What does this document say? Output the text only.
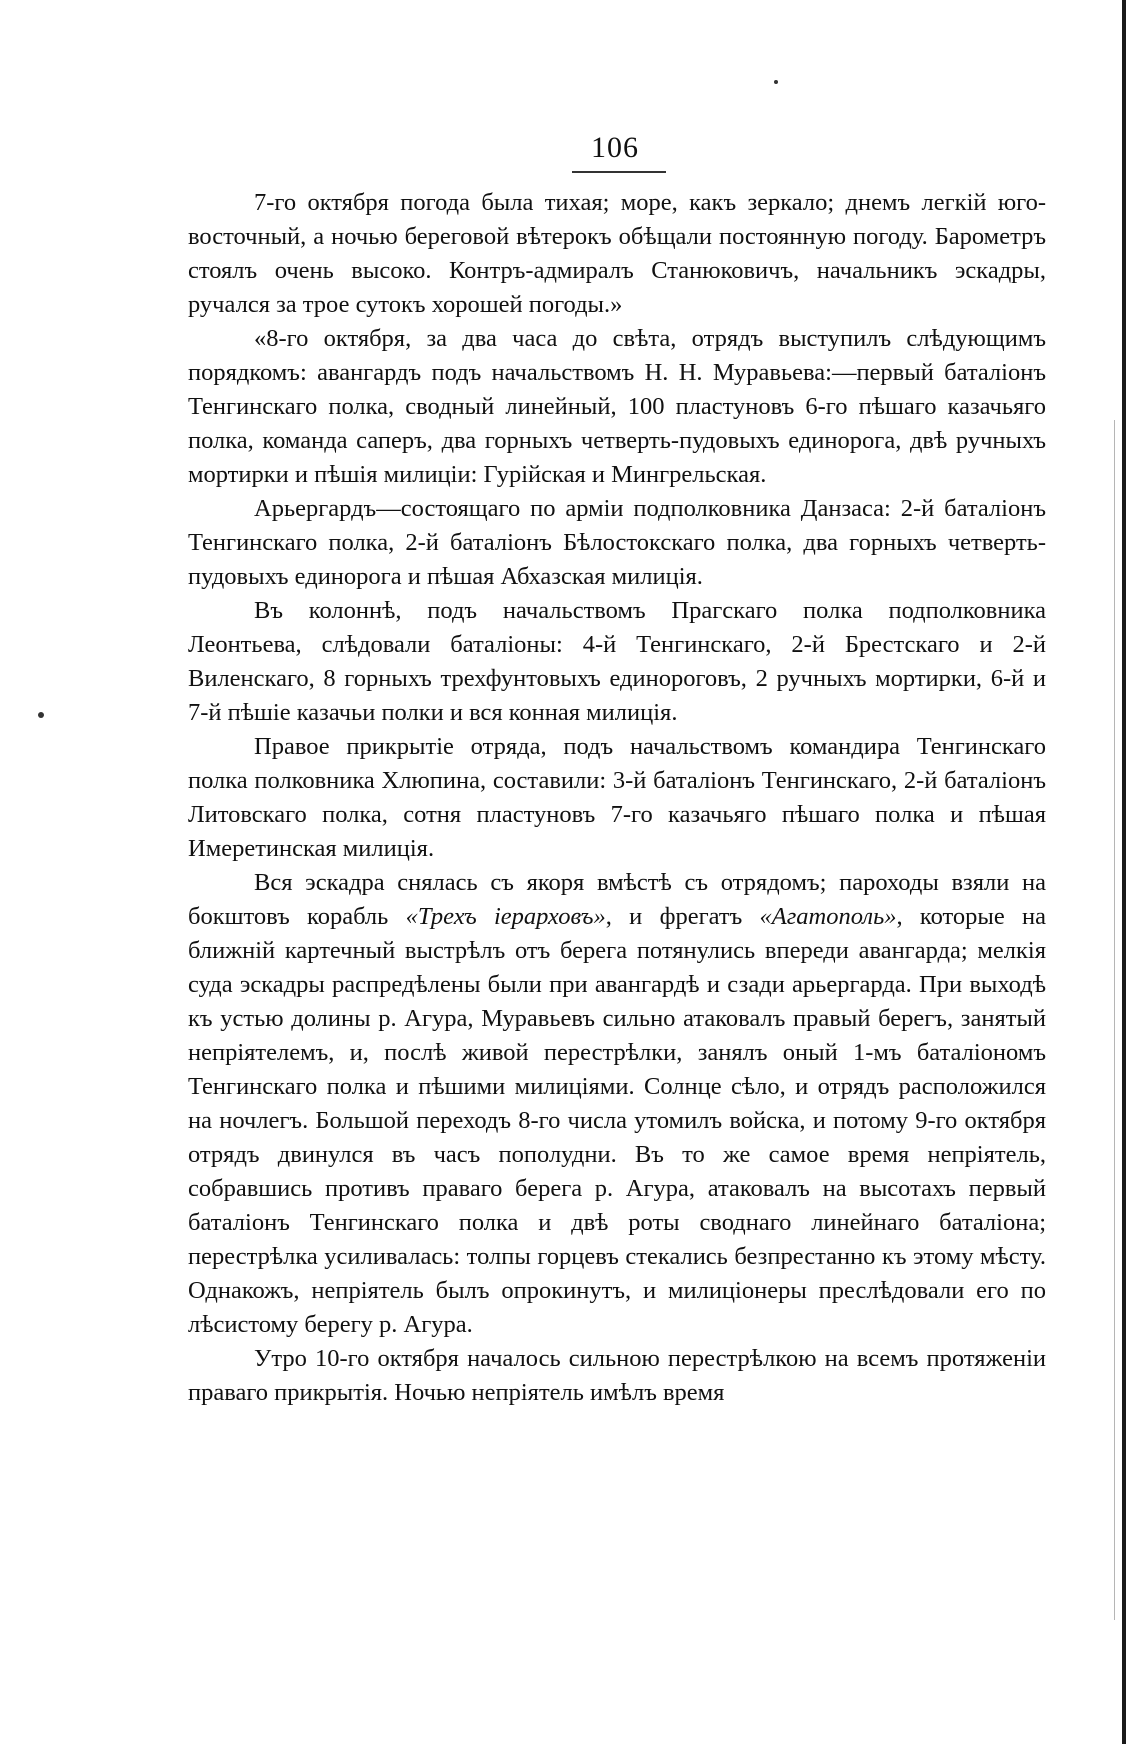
106

7-го октября погода была тихая; море, какъ зеркало; днемъ легкій юго-восточный, а ночью береговой вѣтерокъ обѣщали постоянную погоду. Барометръ стоялъ очень высоко. Контръ-адмиралъ Станюковичъ, начальникъ эскадры, ручался за трое сутокъ хорошей погоды.»

«8-го октября, за два часа до свѣта, отрядъ выступилъ слѣдующимъ порядкомъ: авангардъ подъ начальствомъ Н. Н. Муравьева:—первый баталіонъ Тенгинскаго полка, сводный линейный, 100 пластуновъ 6-го пѣшаго казачьяго полка, команда саперъ, два горныхъ четверть-пудовыхъ единорога, двѣ ручныхъ мортирки и пѣшія милиціи: Гурійская и Мингрельская.

Арьергардъ—состоящаго по арміи подполковника Данзаса: 2-й баталіонъ Тенгинскаго полка, 2-й баталіонъ Бѣлостокскаго полка, два горныхъ четверть-пудовыхъ единорога и пѣшая Абхазская милиція.

Въ колоннѣ, подъ начальствомъ Прагскаго полка подполковника Леонтьева, слѣдовали баталіоны: 4-й Тенгинскаго, 2-й Брестскаго и 2-й Виленскаго, 8 горныхъ трехфунтовыхъ единороговъ, 2 ручныхъ мортирки, 6-й и 7-й пѣшіе казачьи полки и вся конная милиція.

Правое прикрытіе отряда, подъ начальствомъ командира Тенгинскаго полка полковника Хлюпина, составили: 3-й баталіонъ Тенгинскаго, 2-й баталіонъ Литовскаго полка, сотня пластуновъ 7-го казачьяго пѣшаго полка и пѣшая Имеретинская милиція.

Вся эскадра снялась съ якоря вмѣстѣ съ отрядомъ; пароходы взяли на бокштовъ корабль «Трехъ іерарховъ», и фрегатъ «Агатополь», которые на ближній картечный выстрѣлъ отъ берега потянулись впереди авангарда; мелкія суда эскадры распредѣлены были при авангардѣ и сзади арьергарда. При выходѣ къ устью долины р. Агура, Муравьевъ сильно атаковалъ правый берегъ, занятый непріятелемъ, и, послѣ живой перестрѣлки, занялъ оный 1-мъ баталіономъ Тенгинскаго полка и пѣшими милиціями. Солнце сѣло, и отрядъ расположился на ночлегъ. Большой переходъ 8-го числа утомилъ войска, и потому 9-го октября отрядъ двинулся въ часъ пополудни. Въ то же самое время непріятель, собравшись противъ праваго берега р. Агура, атаковалъ на высотахъ первый баталіонъ Тенгинскаго полка и двѣ роты своднаго линейнаго баталіона; перестрѣлка усиливалась: толпы горцевъ стекались безпрестанно къ этому мѣсту. Однакожъ, непріятель былъ опрокинутъ, и милиціонеры преслѣдовали его по лѣсистому берегу р. Агура.

Утро 10-го октября началось сильною перестрѣлкою на всемъ протяженіи праваго прикрытія. Ночью непріятель имѣлъ время
